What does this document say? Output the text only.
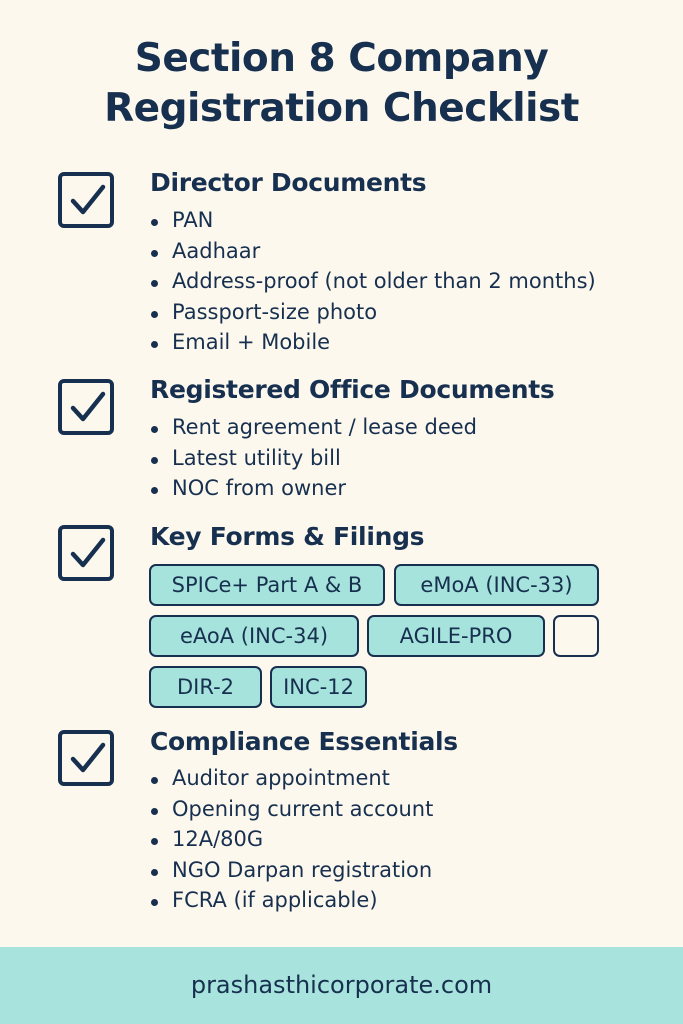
Section 8 Company
Registration Checklist
Director Documents
PAN
Aadhaar
Address-proof (not older than 2 months)
Passport-size photo
Email + Mobile
Registered Office Documents
Rent agreement / lease deed
Latest utility bill
NOC from owner
Key Forms & Filings
SPICe+ Part A & B	eMoA (INC-33)
eAoA (INC-34)	AGILE-PRO
DIR-2	INC-12
Compliance Essentials
Auditor appointment
Opening current account
12A/80G
NGO Darpan registration
FCRA (if applicable)
prashasthicorporate.com
